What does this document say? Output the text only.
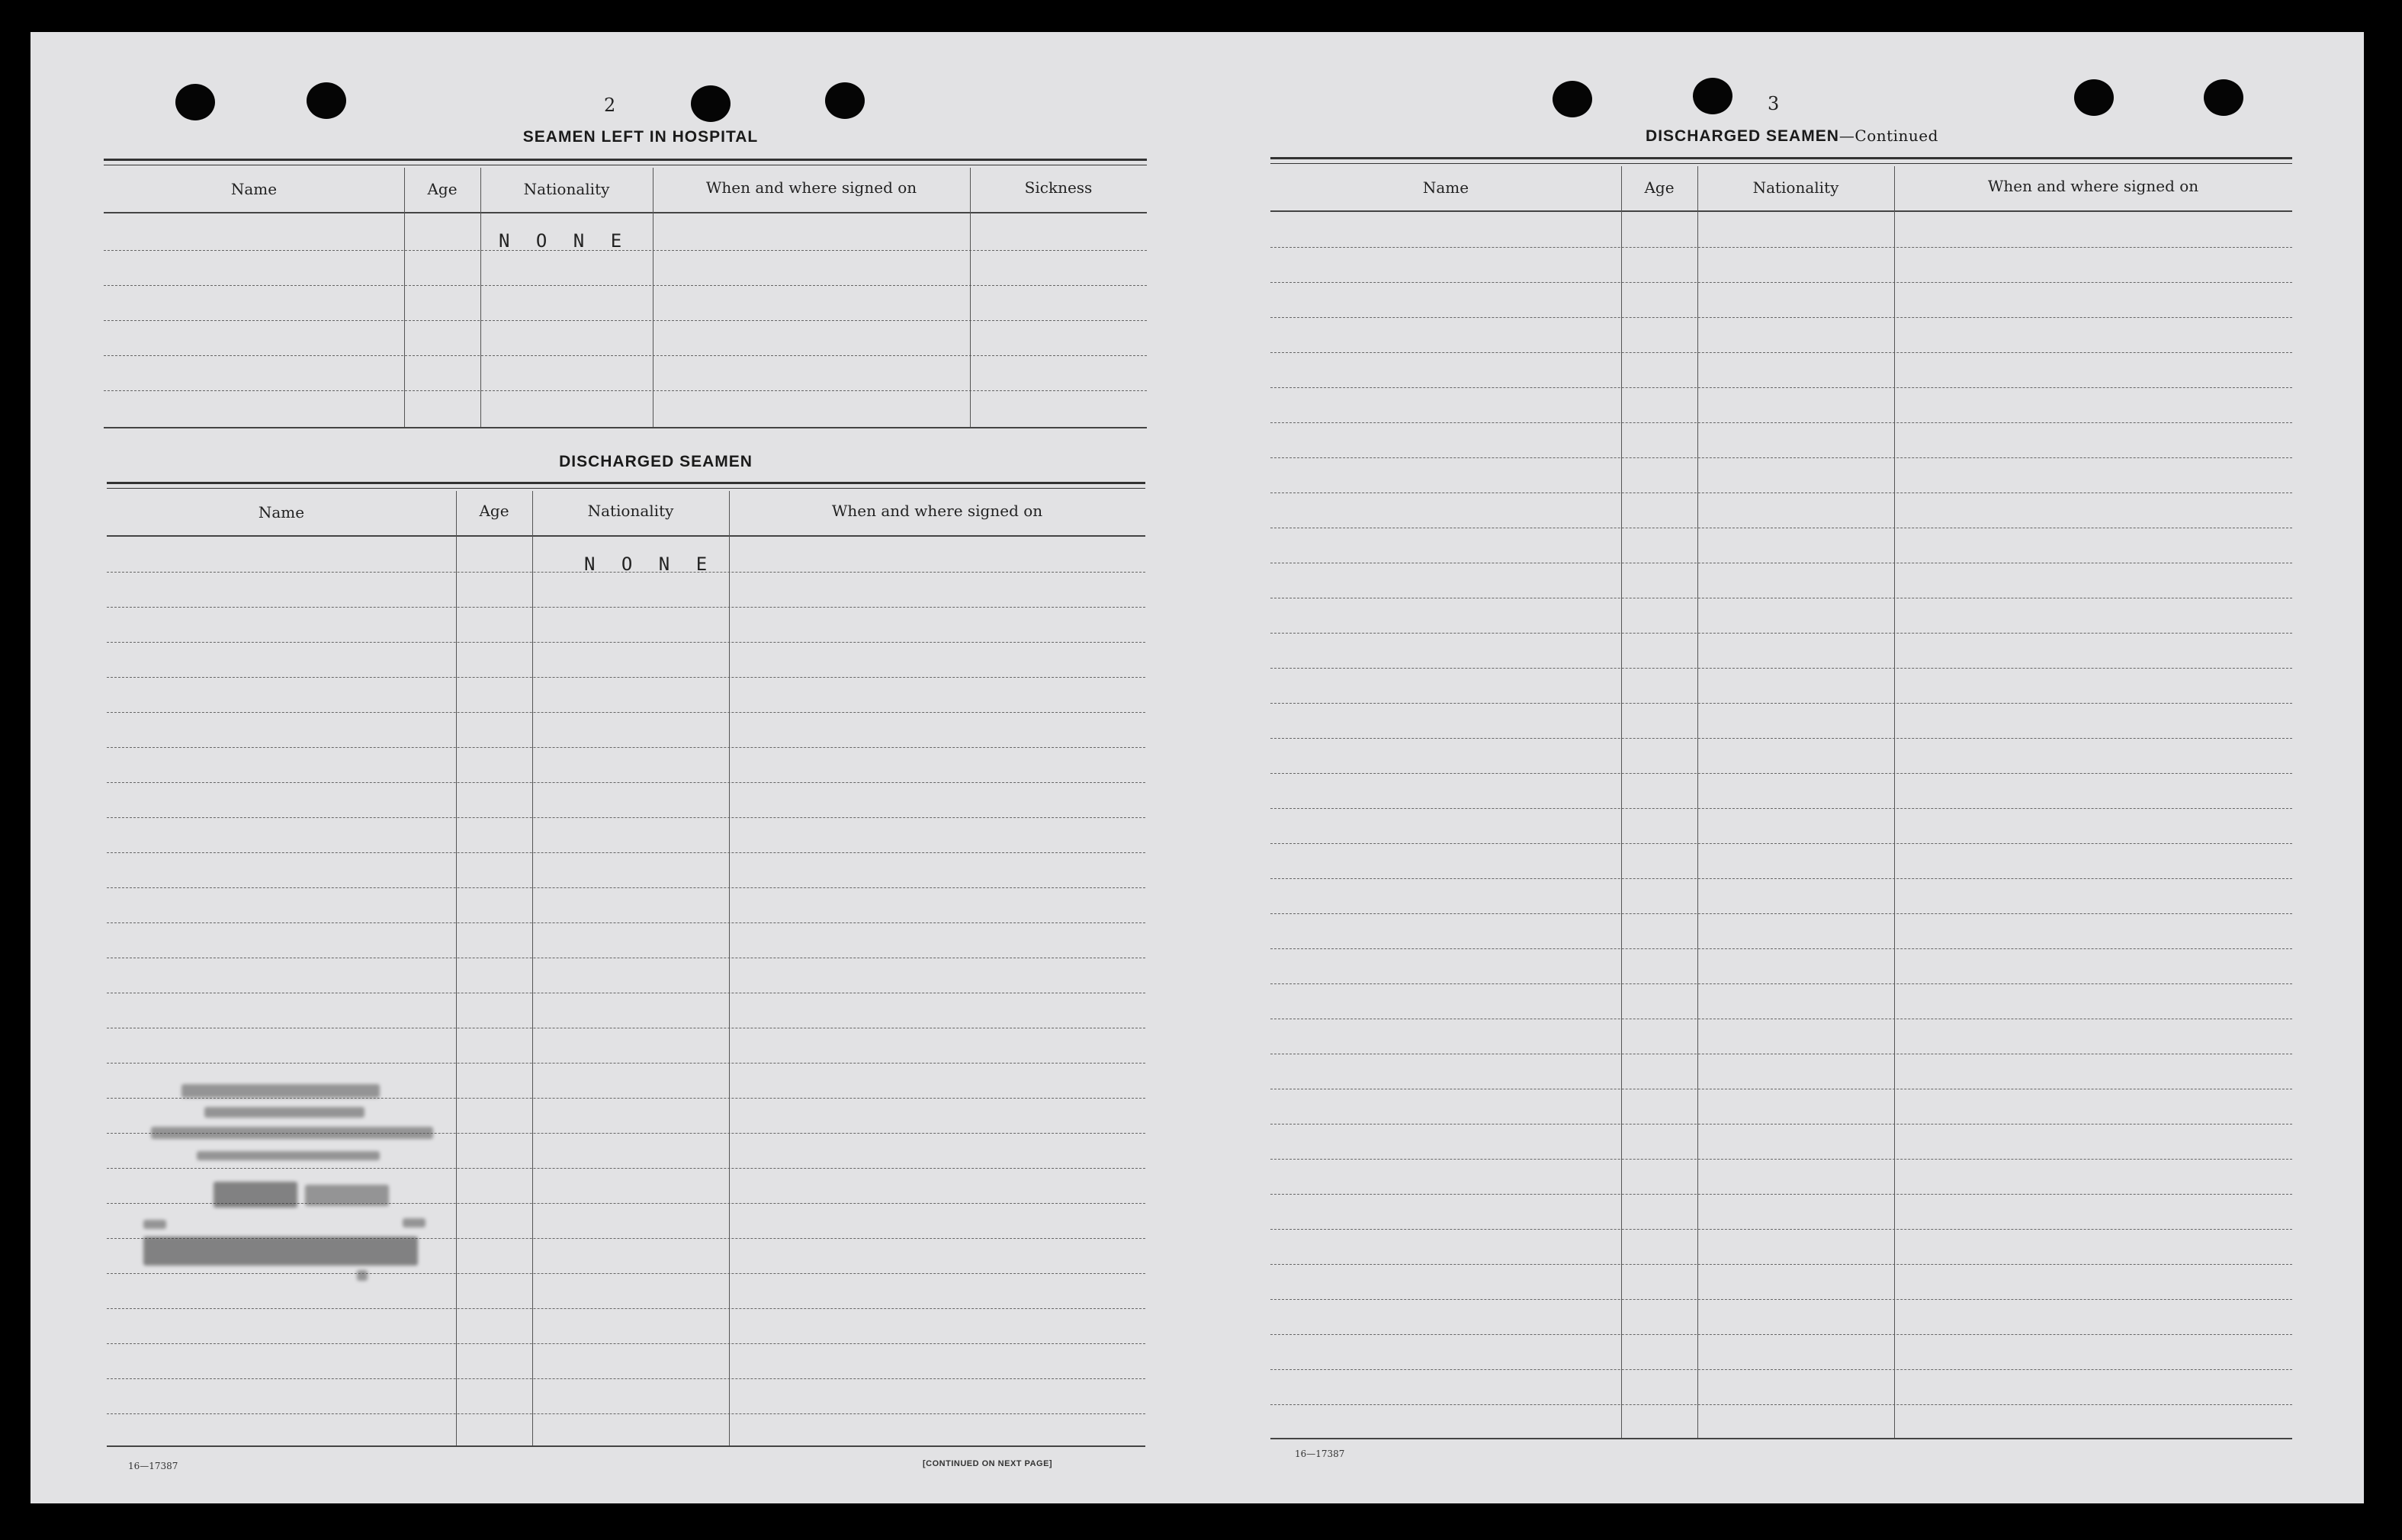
2
SEAMEN LEFT IN HOSPITAL
Name	Age	Nationality	When and where signed on	Sickness
N O N E
DISCHARGED SEAMEN
Name	Age	Nationality	When and where signed on
N O N E
16—17387	[CONTINUED ON NEXT PAGE]
3
DISCHARGED SEAMEN—Continued
Name	Age	Nationality	When and where signed on
16—17387
